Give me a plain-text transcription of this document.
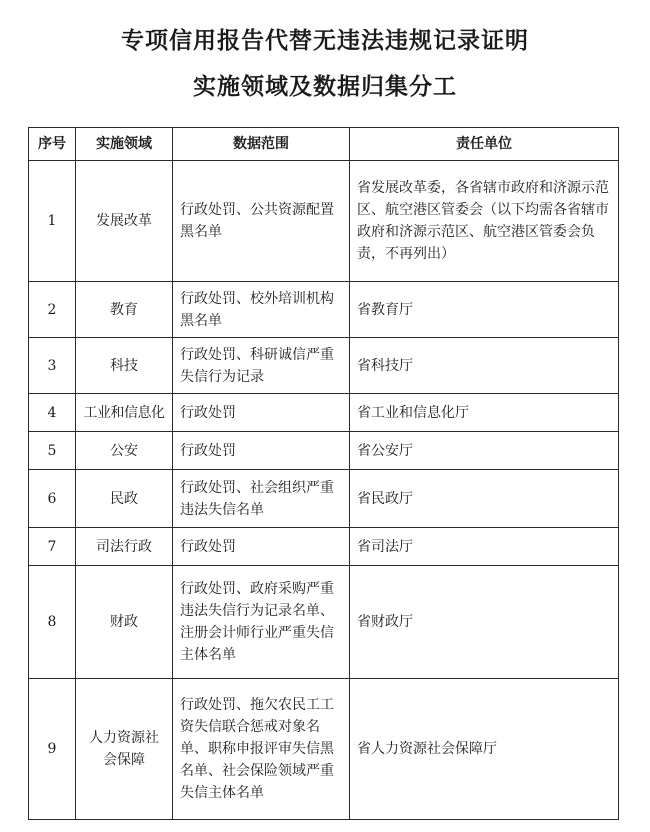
专项信用报告代替无违法违规记录证明
实施领域及数据归集分工
序号	实施领域	数据范围	责任单位
1	发展改革	行政处罚、公共资源配置黑名单	省发展改革委，各省辖市政府和济源示范区、航空港区管委会（以下均需各省辖市政府和济源示范区、航空港区管委会负责，不再列出）
2	教育	行政处罚、校外培训机构黑名单	省教育厅
3	科技	行政处罚、科研诚信严重失信行为记录	省科技厅
4	工业和信息化	行政处罚	省工业和信息化厅
5	公安	行政处罚	省公安厅
6	民政	行政处罚、社会组织严重违法失信名单	省民政厅
7	司法行政	行政处罚	省司法厅
8	财政	行政处罚、政府采购严重违法失信行为记录名单、注册会计师行业严重失信主体名单	省财政厅
9	人力资源社会保障	行政处罚、拖欠农民工工资失信联合惩戒对象名单、职称申报评审失信黑名单、社会保险领域严重失信主体名单	省人力资源社会保障厅
